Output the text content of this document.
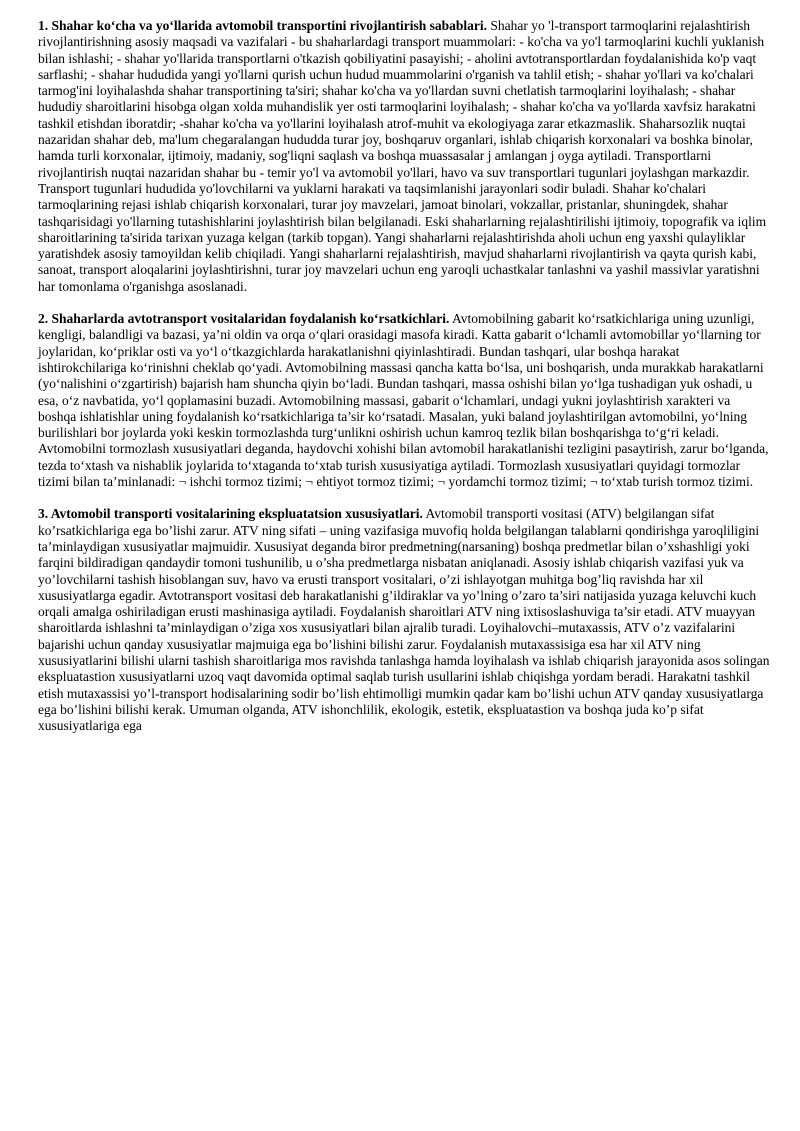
1. Shahar ko‘cha va yo‘llarida avtomobil transportini rivojlantirish sabablari. Shahar yo 'l-transport tarmoqlarini rejalashtirish rivojlantirishning asosiy maqsadi va vazifalari - bu shaharlardagi transport muammolari: - ko'cha va yo'l tarmoqlarini kuchli yuklanish bilan ishlashi; - shahar yo'llarida transportlarni o'tkazish qobiliyatini pasayishi; - aholini avtotransportlardan foydalanishida ko'p vaqt sarflashi; - shahar hududida yangi yo'llarni qurish uchun hudud muammolarini o'rganish va tahlil etish; - shahar yo'llari va ko'chalari tarmog'ini loyihalashda shahar transportining ta'siri; shahar ko'cha va yo'llardan suvni chetlatish tarmoqlarini loyihalash; - shahar hududiy sharoitlarini hisobga olgan xolda muhandislik yer osti tarmoqlarini loyihalash; - shahar ko'cha va yo'llarda xavfsiz harakatni tashkil etishdan iboratdir; -shahar ko'cha va yo'llarini loyihalash atrof-muhit va ekologiyaga zarar etkazmaslik. Shaharsozlik nuqtai nazaridan shahar deb, ma'lum chegaralangan hududda turar joy, boshqaruv organlari, ishlab chiqarish korxonalari va boshka binolar, hamda turli korxonalar, ijtimoiy, madaniy, sog'liqni saqlash va boshqa muassasalar j amlangan j oyga aytiladi. Transportlarni rivojlantirish nuqtai nazaridan shahar bu - temir yo'l va avtomobil yo'llari, havo va suv transportlari tugunlari joylashgan markazdir. Transport tugunlari hududida yo'lovchilarni va yuklarni harakati va taqsimlanishi jarayonlari sodir buladi. Shahar ko'chalari tarmoqlarining rejasi ishlab chiqarish korxonalari, turar joy mavzelari, jamoat binolari, vokzallar, pristanlar, shuningdek, shahar tashqarisidagi yo'llarning tutashishlarini joylashtirish bilan belgilanadi. Eski shaharlarning rejalashtirilishi ijtimoiy, topografik va iqlim sharoitlarining ta'sirida tarixan yuzaga kelgan (tarkib topgan). Yangi shaharlarni rejalashtirishda aholi uchun eng yaxshi qulayliklar yaratishdek asosiy tamoyildan kelib chiqiladi. Yangi shaharlarni rejalashtirish, mavjud shaharlarni rivojlantirish va qayta qurish kabi, sanoat, transport aloqalarini joylashtirishni, turar joy mavzelari uchun eng yaroqli uchastkalar tanlashni va yashil massivlar yaratishni har tomonlama o'rganishga asoslanadi.

2. Shaharlarda avtotransport vositalaridan foydalanish ko‘rsatkichlari. Avtomobilning gabarit ko‘rsatkichlariga uning uzunligi, kengligi, balandligi va bazasi, ya’ni oldin va orqa o‘qlari orasidagi masofa kiradi. Katta gabarit o‘lchamli avtomobillar yo‘llarning tor joylaridan, ko‘priklar osti va yo‘l o‘tkazgichlarda harakatlanishni qiyinlashtiradi. Bundan tashqari, ular boshqa harakat ishtirokchilariga ko‘rinishni cheklab qo‘yadi. Avtomobilning massasi qancha katta bo‘lsa, uni boshqarish, unda murakkab harakatlarni (yo‘nalishini o‘zgartirish) bajarish ham shuncha qiyin bo‘ladi. Bundan tashqari, massa oshishi bilan yo‘lga tushadigan yuk oshadi, u esa, o‘z navbatida, yo‘l qoplamasini buzadi. Avtomobilning massasi, gabarit o‘lchamlari, undagi yukni joylashtirish xarakteri va boshqa ishlatishlar uning foydalanish ko‘rsatkichlariga ta’sir ko‘rsatadi. Masalan, yuki baland joylashtirilgan avtomobilni, yo‘lning burilishlari bor joylarda yoki keskin tormozlashda turg‘unlikni oshirish uchun kamroq tezlik bilan boshqarishga to‘g‘ri keladi. Avtomobilni tormozlash xususiyatlari deganda, haydovchi xohishi bilan avtomobil harakatlanishi tezligini pasaytirish, zarur bo‘lganda, tezda to‘xtash va nishablik joylarida to‘xtaganda to‘xtab turish xususiyatiga aytiladi. Tormozlash xususiyatlari quyidagi tormozlar tizimi bilan ta’minlanadi: ¬ ishchi tormoz tizimi; ¬ ehtiyot tormoz tizimi; ¬ yordamchi tormoz tizimi; ¬ to‘xtab turish tormoz tizimi.

3. Avtomobil transporti vositalarining ekspluatatsion xususiyatlari. Avtomobil transporti vositasi (ATV) belgilangan sifat ko’rsatkichlariga ega bo’lishi zarur. ATV ning sifati – uning vazifasiga muvofiq holda belgilangan talablarni qondirishga yaroqliligini ta’minlaydigan xususiyatlar majmuidir. Xususiyat deganda biror predmetning(narsaning) boshqa predmetlar bilan o’xshashligi yoki farqini bildiradigan qandaydir tomoni tushunilib, u o’sha predmetlarga nisbatan aniqlanadi. Asosiy ishlab chiqarish vazifasi yuk va yo’lovchilarni tashish hisoblangan suv, havo va erusti transport vositalari, o’zi ishlayotgan muhitga bog’liq ravishda har xil xususiyatlarga egadir. Avtotransport vositasi deb harakatlanishi g’ildiraklar va yo’lning o’zaro ta’siri natijasida yuzaga keluvchi kuch orqali amalga oshiriladigan erusti mashinasiga aytiladi. Foydalanish sharoitlari ATV ning ixtisoslashuviga ta’sir etadi. ATV muayyan sharoitlarda ishlashni ta’minlaydigan o’ziga xos xususiyatlari bilan ajralib turadi. Loyihalovchi–mutaxassis, ATV o’z vazifalarini bajarishi uchun qanday xususiyatlar majmuiga ega bo’lishini bilishi zarur. Foydalanish mutaxassisiga esa har xil ATV ning xususiyatlarini bilishi ularni tashish sharoitlariga mos ravishda tanlashga hamda loyihalash va ishlab chiqarish jarayonida asos solingan ekspluatastion xususiyatlarni uzoq vaqt davomida optimal saqlab turish usullarini ishlab chiqishga yordam beradi. Harakatni tashkil etish mutaxassisi yo’l-transport hodisalarining sodir bo’lish ehtimolligi mumkin qadar kam bo’lishi uchun ATV qanday xususiyatlarga ega bo’lishini bilishi kerak. Umuman olganda, ATV ishonchlilik, ekologik, estetik, ekspluatastion va boshqa juda ko’p sifat xususiyatlariga ega
